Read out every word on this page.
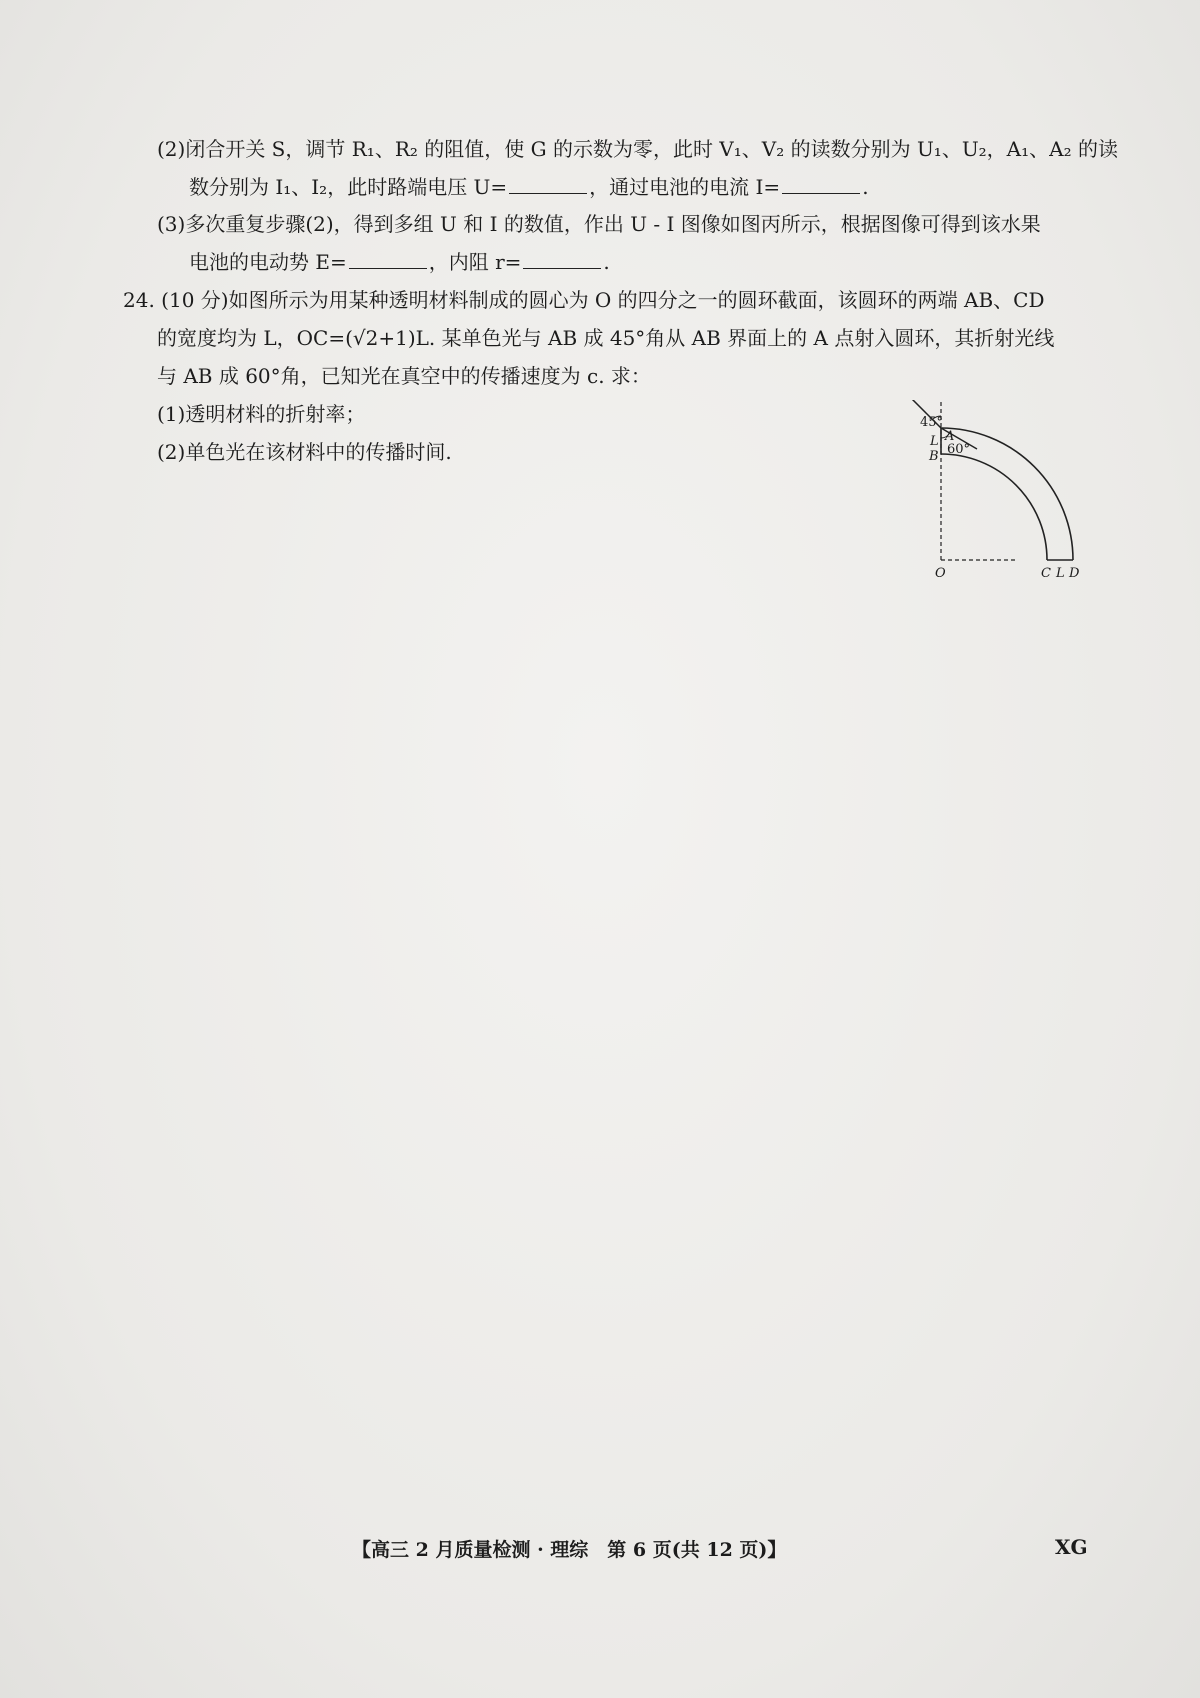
(2)闭合开关 S，调节 R₁、R₂ 的阻值，使 G 的示数为零，此时 V₁、V₂ 的读数分别为 U₁、U₂，A₁、A₂ 的读
数分别为 I₁、I₂，此时路端电压 U=	，通过电池的电流 I=	.
(3)多次重复步骤(2)，得到多组 U 和 I 的数值，作出 U - I 图像如图丙所示，根据图像可得到该水果
电池的电动势 E=	，内阻 r=	.
24. (10 分)如图所示为用某种透明材料制成的圆心为 O 的四分之一的圆环截面，该圆环的两端 AB、CD
的宽度均为 L，OC=(√2+1)L. 某单色光与 AB 成 45°角从 AB 界面上的 A 点射入圆环，其折射光线
与 AB 成 60°角，已知光在真空中的传播速度为 c. 求：
(1)透明材料的折射率；
(2)单色光在该材料中的传播时间.
45°
A
60°
L
B
O	C L D
【高三 2 月质量检测 · 理综　第 6 页(共 12 页)】	XG
